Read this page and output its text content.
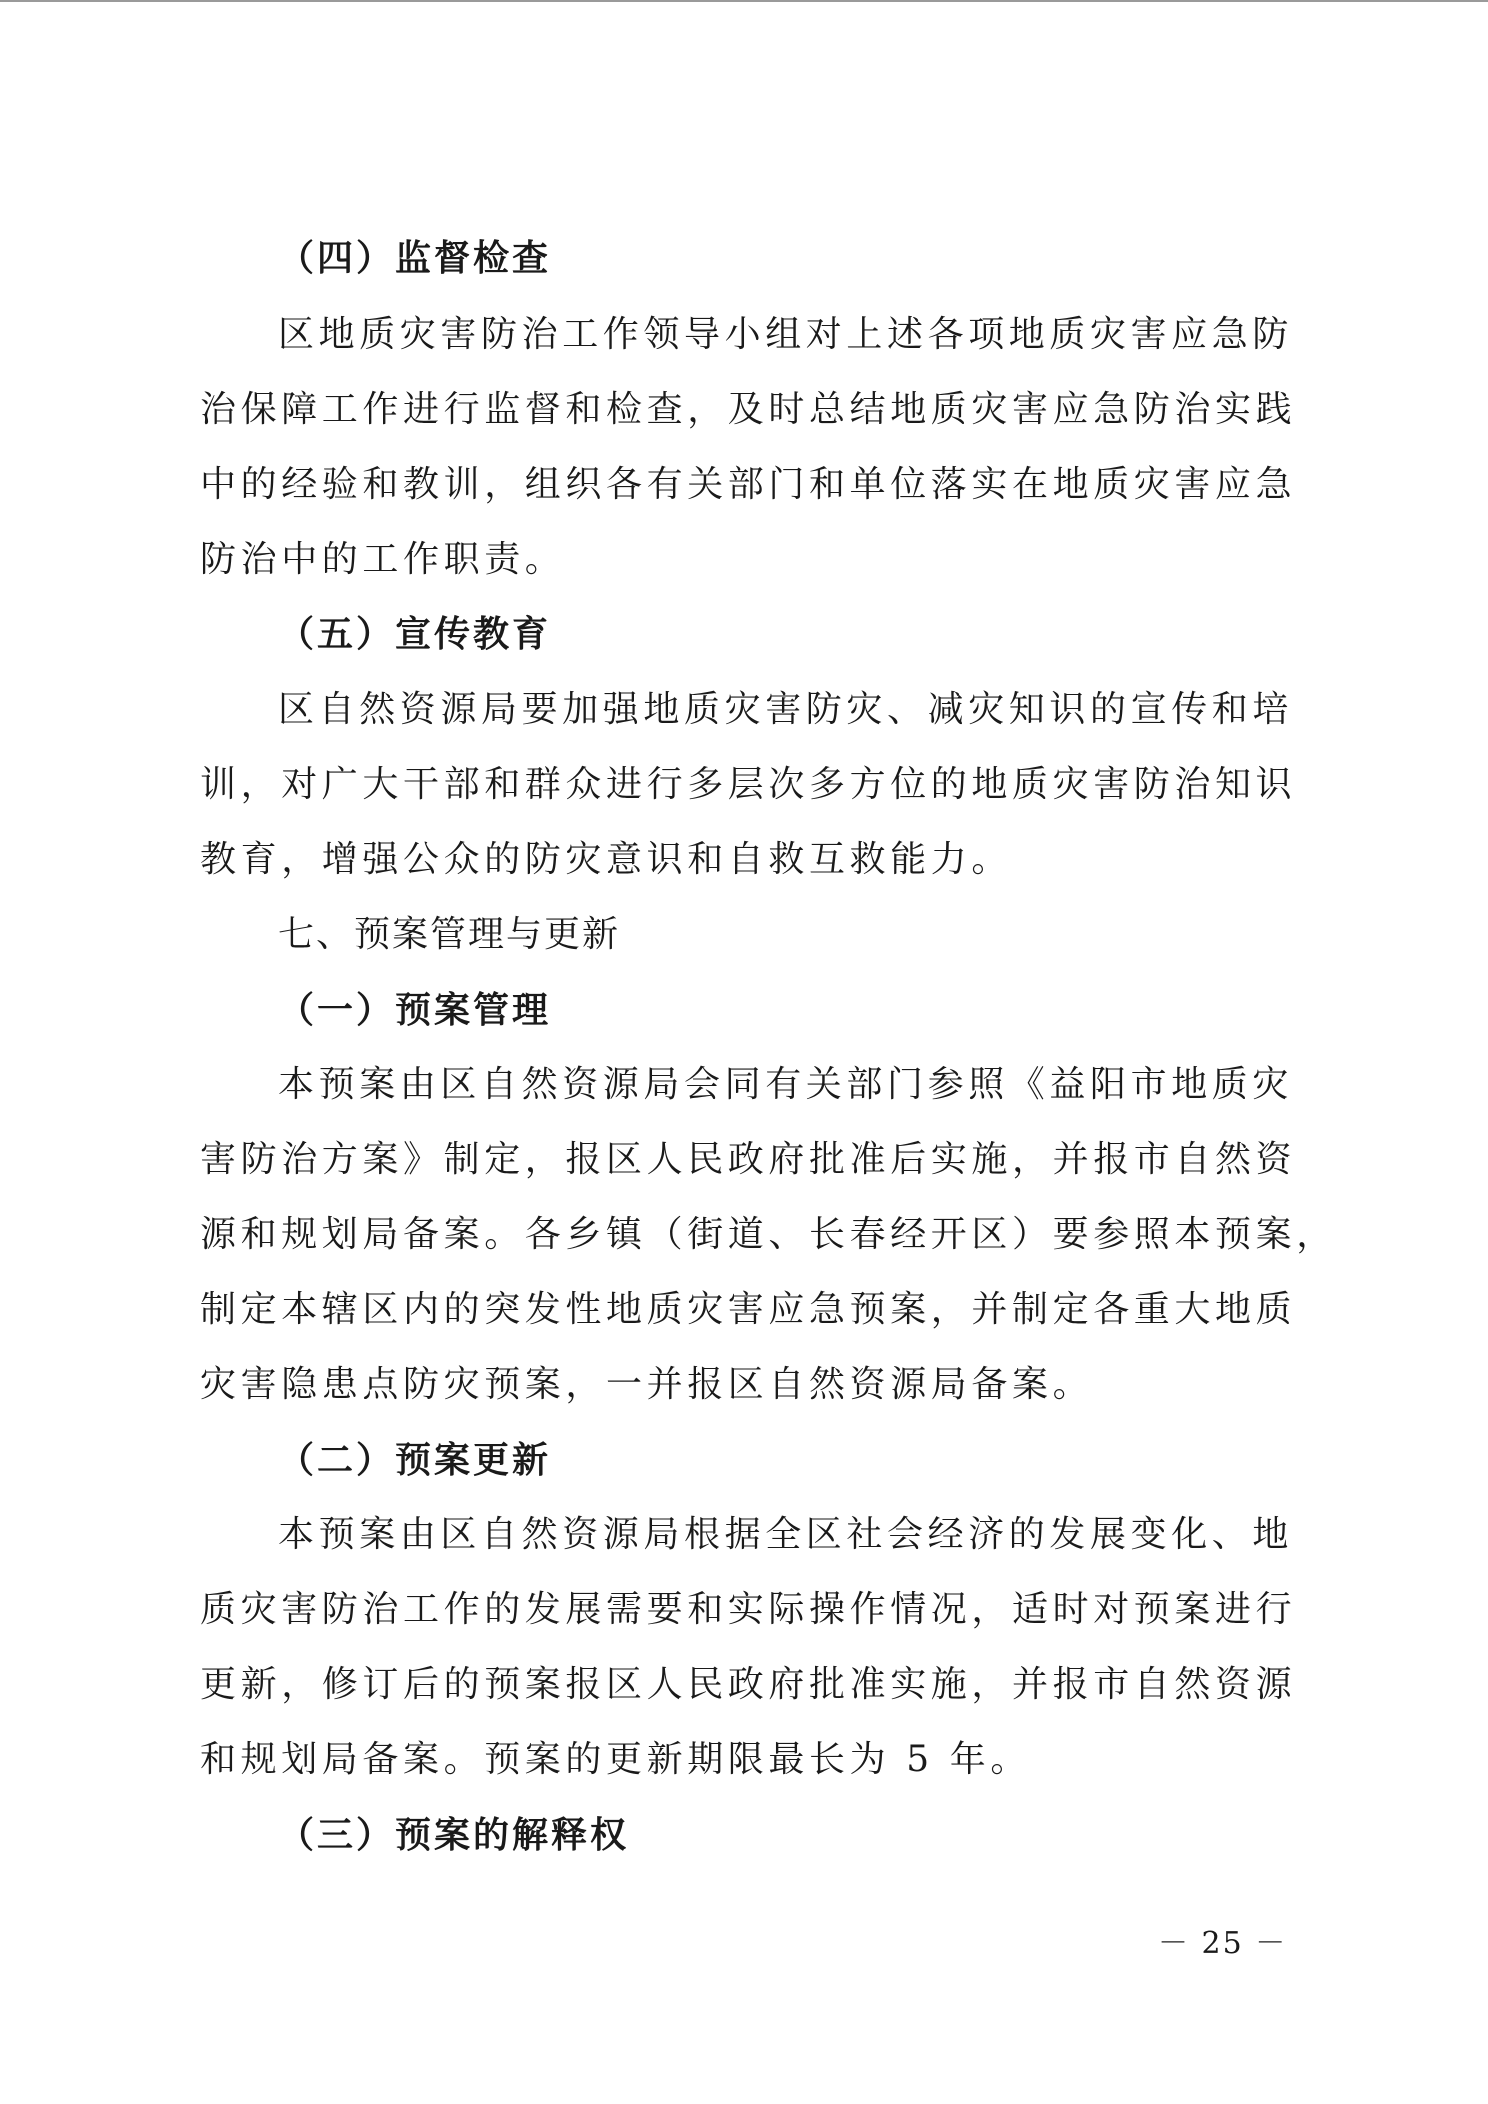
（四）监督检查
区地质灾害防治工作领导小组对上述各项地质灾害应急防
治保障工作进行监督和检查，及时总结地质灾害应急防治实践
中的经验和教训，组织各有关部门和单位落实在地质灾害应急
防治中的工作职责。
（五）宣传教育
区自然资源局要加强地质灾害防灾、减灾知识的宣传和培
训，对广大干部和群众进行多层次多方位的地质灾害防治知识
教育，增强公众的防灾意识和自救互救能力。
七、预案管理与更新
（一）预案管理
本预案由区自然资源局会同有关部门参照《益阳市地质灾
害防治方案》制定，报区人民政府批准后实施，并报市自然资
源和规划局备案。各乡镇（街道、长春经开区）要参照本预案，
制定本辖区内的突发性地质灾害应急预案，并制定各重大地质
灾害隐患点防灾预案，一并报区自然资源局备案。
（二）预案更新
本预案由区自然资源局根据全区社会经济的发展变化、地
质灾害防治工作的发展需要和实际操作情况，适时对预案进行
更新，修订后的预案报区人民政府批准实施，并报市自然资源
和规划局备案。预案的更新期限最长为 5 年。
（三）预案的解释权
－ 25 －
